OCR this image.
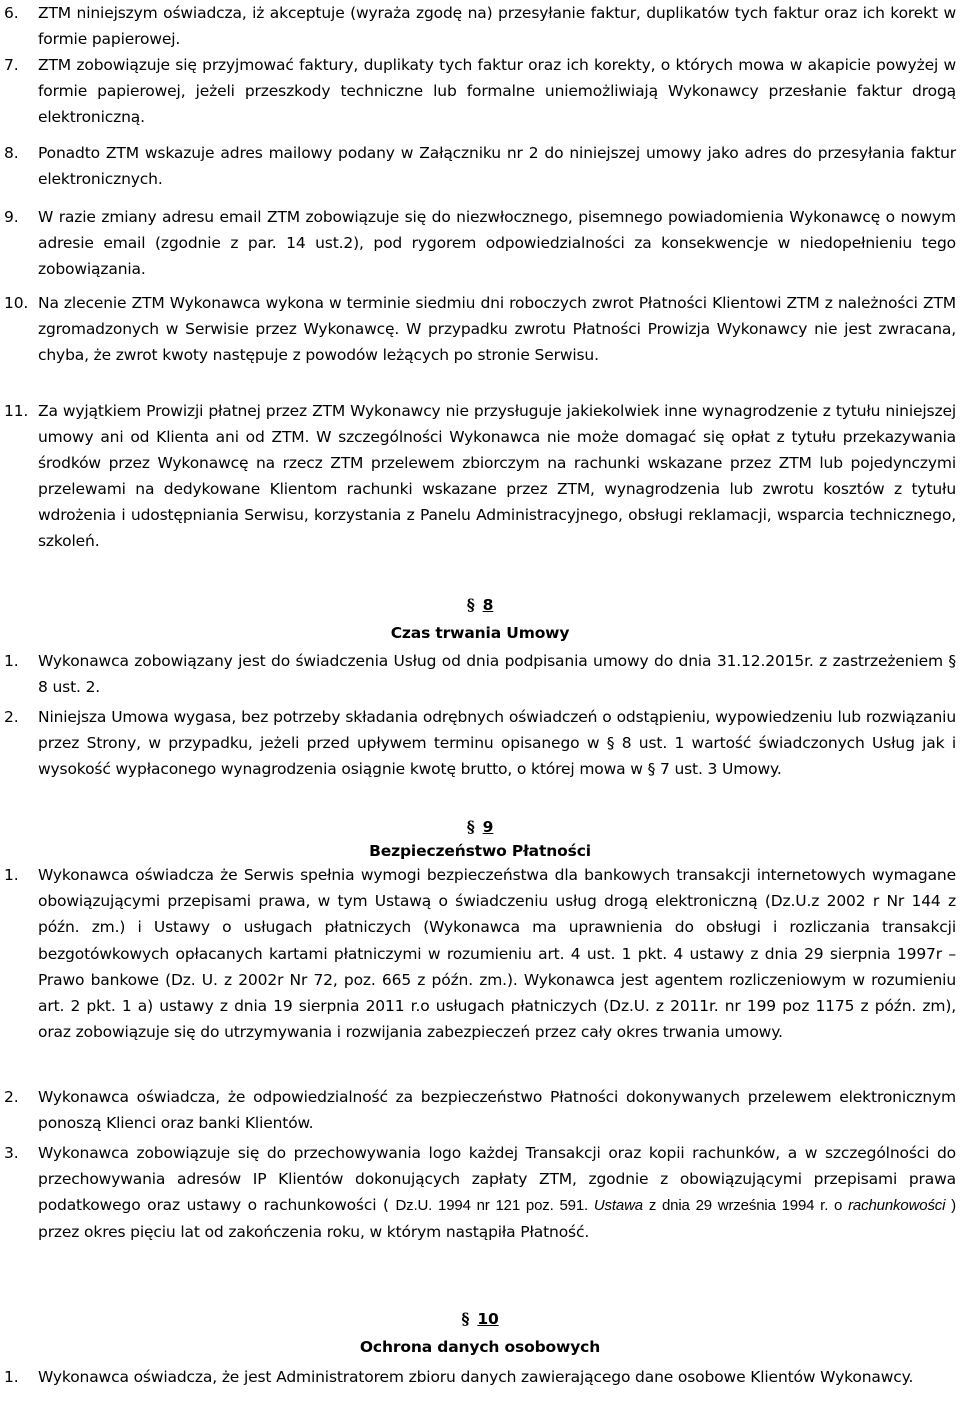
6. ZTM niniejszym oświadcza, iż akceptuje (wyraża zgodę na) przesyłanie faktur, duplikatów tych faktur oraz ich korekt w formie papierowej.
7. ZTM zobowiązuje się przyjmować faktury, duplikaty tych faktur oraz ich korekty, o których mowa w akapicie powyżej w formie papierowej, jeżeli przeszkody techniczne lub formalne uniemożliwiają Wykonawcy przesłanie faktur drogą elektroniczną.
8. Ponadto ZTM wskazuje adres mailowy podany w Załączniku nr 2 do niniejszej umowy jako adres do przesyłania faktur elektronicznych.
9. W razie zmiany adresu email ZTM zobowiązuje się do niezwłocznego, pisemnego powiadomienia Wykonawcę o nowym adresie email (zgodnie z par. 14 ust.2), pod rygorem odpowiedzialności za konsekwencje w niedopełnieniu tego zobowiązania.
10. Na zlecenie ZTM Wykonawca wykona w terminie siedmiu dni roboczych zwrot Płatności Klientowi ZTM z należności ZTM zgromadzonych w Serwisie przez Wykonawcę. W przypadku zwrotu Płatności Prowizja Wykonawcy nie jest zwracana, chyba, że zwrot kwoty następuje z powodów leżących po stronie Serwisu.
11. Za wyjątkiem Prowizji płatnej przez ZTM Wykonawcy nie przysługuje jakiekolwiek inne wynagrodzenie z tytułu niniejszej umowy ani od Klienta ani od ZTM. W szczególności Wykonawca nie może domagać się opłat z tytułu przekazywania środków przez Wykonawcę na rzecz ZTM przelewem zbiorczym na rachunki wskazane przez ZTM lub pojedynczymi przelewami na dedykowane Klientom rachunki wskazane przez ZTM, wynagrodzenia lub zwrotu kosztów z tytułu wdrożenia i udostępniania Serwisu, korzystania z Panelu Administracyjnego, obsługi reklamacji, wsparcia technicznego, szkoleń.
§ 8
Czas trwania Umowy
1. Wykonawca zobowiązany jest do świadczenia Usług od dnia podpisania umowy do dnia 31.12.2015r. z zastrzeżeniem § 8 ust. 2.
2. Niniejsza Umowa wygasa, bez potrzeby składania odrębnych oświadczeń o odstąpieniu, wypowiedzeniu lub rozwiązaniu przez Strony, w przypadku, jeżeli przed upływem terminu opisanego w § 8 ust. 1 wartość świadczonych Usług jak i wysokość wypłaconego wynagrodzenia osiągnie kwotę brutto, o której mowa w § 7 ust. 3 Umowy.
§ 9
Bezpieczeństwo Płatności
1. Wykonawca oświadcza że Serwis spełnia wymogi bezpieczeństwa dla bankowych transakcji internetowych wymagane obowiązującymi przepisami prawa, w tym Ustawą o świadczeniu usług drogą elektroniczną (Dz.U.z 2002 r Nr 144 z późn. zm.) i Ustawy o usługach płatniczych (Wykonawca ma uprawnienia do obsługi i rozliczania transakcji bezgotówkowych opłacanych kartami płatniczymi w rozumieniu art. 4 ust. 1 pkt. 4 ustawy z dnia 29 sierpnia 1997r – Prawo bankowe (Dz. U. z 2002r Nr 72, poz. 665 z późn. zm.). Wykonawca jest agentem rozliczeniowym w rozumieniu art. 2 pkt. 1 a) ustawy z dnia 19 sierpnia 2011 r.o usługach płatniczych (Dz.U. z 2011r. nr 199 poz 1175 z późn. zm), oraz zobowiązuje się do utrzymywania i rozwijania zabezpieczeń przez cały okres trwania umowy.
2. Wykonawca oświadcza, że odpowiedzialność za bezpieczeństwo Płatności dokonywanych przelewem elektronicznym ponoszą Klienci oraz banki Klientów.
3. Wykonawca zobowiązuje się do przechowywania logo każdej Transakcji oraz kopii rachunków, a w szczególności do przechowywania adresów IP Klientów dokonujących zapłaty ZTM, zgodnie z obowiązującymi przepisami prawa podatkowego oraz ustawy o rachunkowości ( Dz.U. 1994 nr 121 poz. 591. Ustawa z dnia 29 września 1994 r. o rachunkowości ) przez okres pięciu lat od zakończenia roku, w którym nastąpiła Płatność.
§ 10
Ochrona danych osobowych
1. Wykonawca oświadcza, że jest Administratorem zbioru danych zawierającego dane osobowe Klientów Wykonawcy.
